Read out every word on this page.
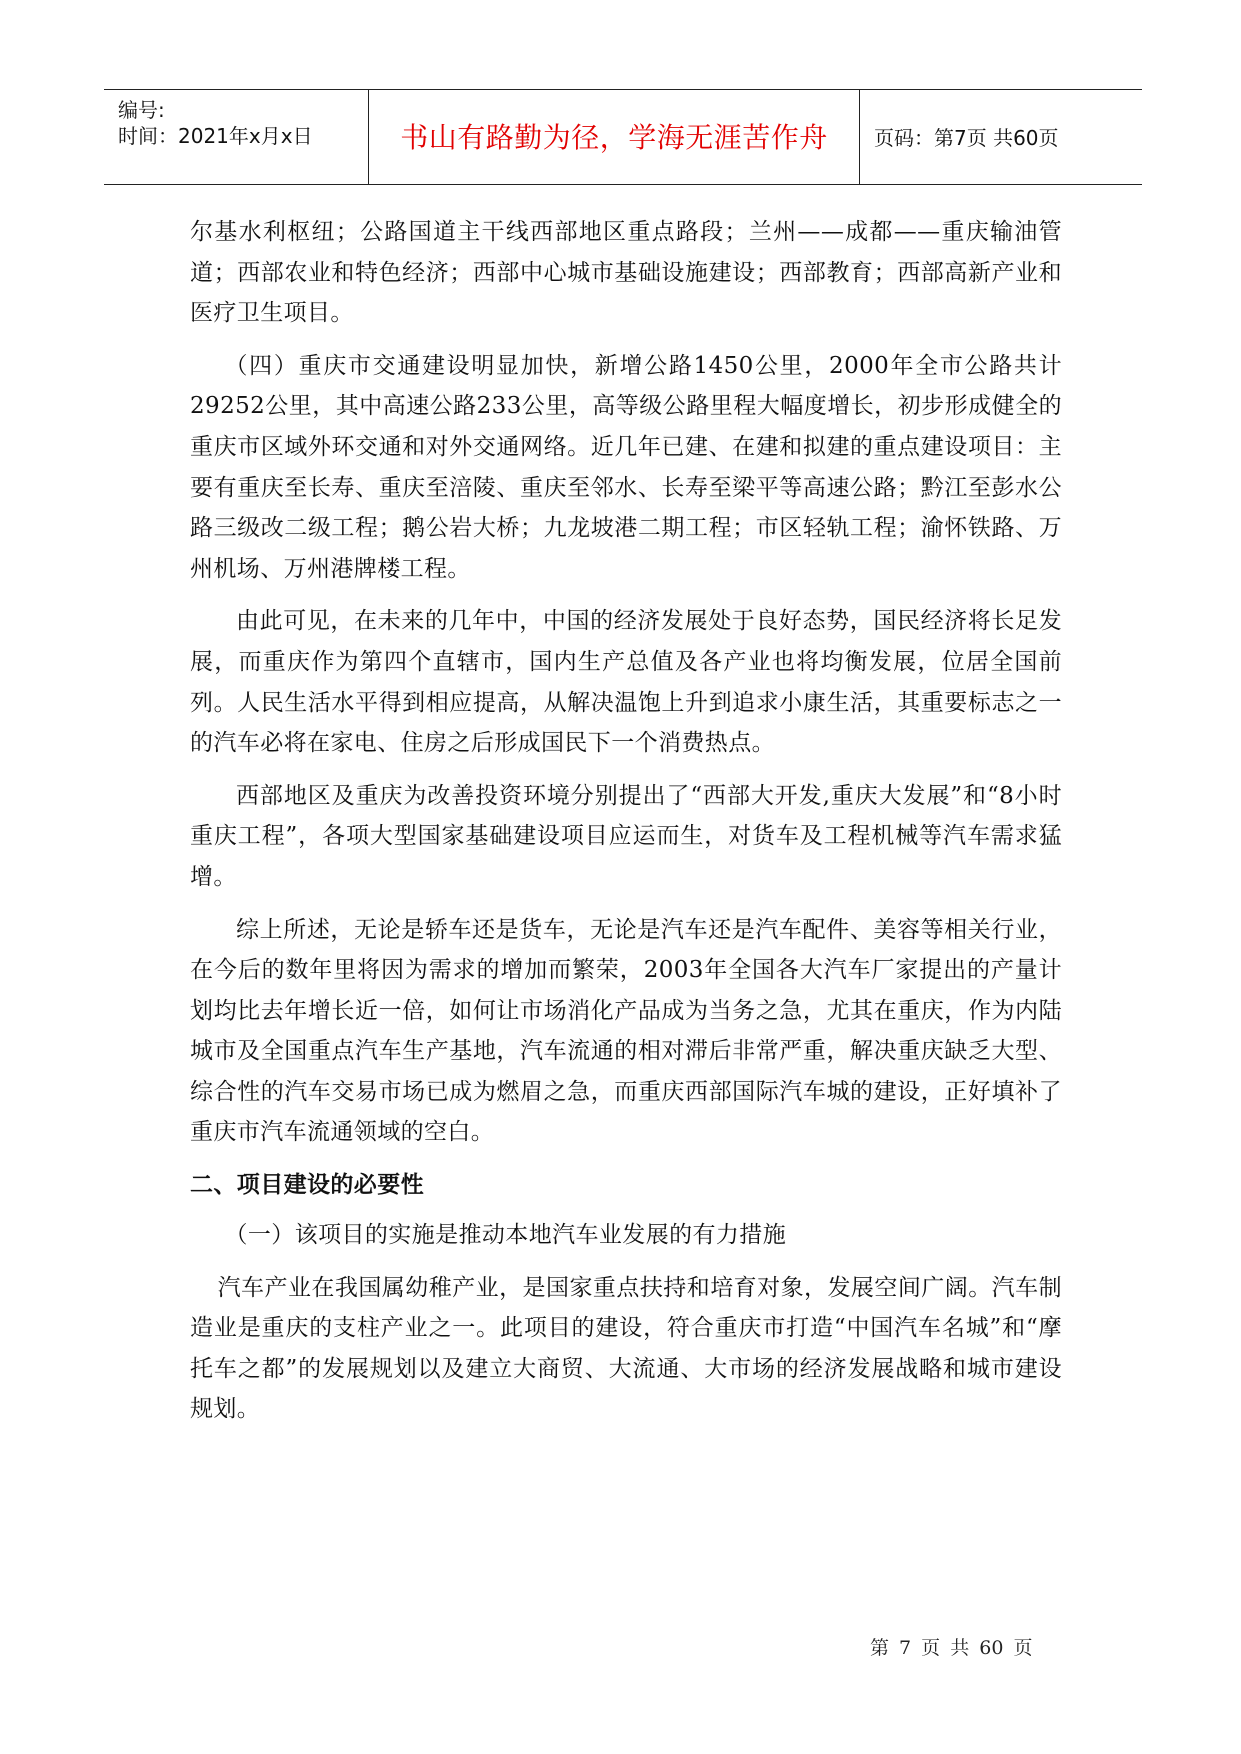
编号:
时间：2021年x月x日	书山有路勤为径，学海无涯苦作舟	页码：第7页 共60页

尔基水利枢纽；公路国道主干线西部地区重点路段；兰州——成都——重庆输油管道；西部农业和特色经济；西部中心城市基础设施建设；西部教育；西部高新产业和医疗卫生项目。

（四）重庆市交通建设明显加快，新增公路1450公里，2000年全市公路共计29252公里，其中高速公路233公里，高等级公路里程大幅度增长，初步形成健全的重庆市区域外环交通和对外交通网络。近几年已建、在建和拟建的重点建设项目：主要有重庆至长寿、重庆至涪陵、重庆至邻水、长寿至梁平等高速公路；黔江至彭水公路三级改二级工程；鹅公岩大桥；九龙坡港二期工程；市区轻轨工程；渝怀铁路、万州机场、万州港牌楼工程。

由此可见，在未来的几年中，中国的经济发展处于良好态势，国民经济将长足发展，而重庆作为第四个直辖市，国内生产总值及各产业也将均衡发展，位居全国前列。人民生活水平得到相应提高，从解决温饱上升到追求小康生活，其重要标志之一的汽车必将在家电、住房之后形成国民下一个消费热点。

西部地区及重庆为改善投资环境分别提出了“西部大开发,重庆大发展”和“8小时重庆工程”，各项大型国家基础建设项目应运而生，对货车及工程机械等汽车需求猛增。

综上所述，无论是轿车还是货车，无论是汽车还是汽车配件、美容等相关行业，在今后的数年里将因为需求的增加而繁荣，2003年全国各大汽车厂家提出的产量计划均比去年增长近一倍，如何让市场消化产品成为当务之急，尤其在重庆，作为内陆城市及全国重点汽车生产基地，汽车流通的相对滞后非常严重，解决重庆缺乏大型、综合性的汽车交易市场已成为燃眉之急，而重庆西部国际汽车城的建设，正好填补了重庆市汽车流通领域的空白。

二、项目建设的必要性

（一）该项目的实施是推动本地汽车业发展的有力措施

汽车产业在我国属幼稚产业，是国家重点扶持和培育对象，发展空间广阔。汽车制造业是重庆的支柱产业之一。此项目的建设，符合重庆市打造“中国汽车名城”和“摩托车之都”的发展规划以及建立大商贸、大流通、大市场的经济发展战略和城市建设规划。

第 7 页 共 60 页
